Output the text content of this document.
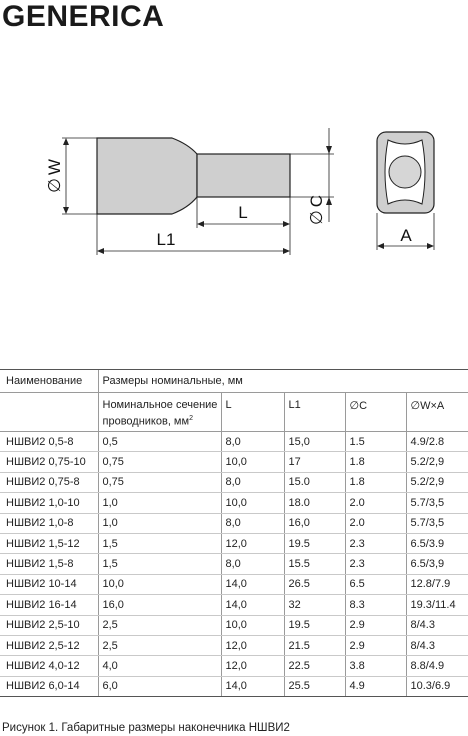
GENERICA
∅W
∅C
L
L1	A
Наименование	Размеры номинальные, мм				
	Номинальное сечение
проводников, $мм^2$	L	L1	∅C	∅W×A
НШВИ2 0,5-8	0,5	8,0	15,0	1.5	4.9/2.8
НШВИ2 0,75-10	0,75	10,0	17	1.8	5.2/2,9
НШВИ2 0,75-8	0,75	8,0	15.0	1.8	5.2/2,9
НШВИ2 1,0-10	1,0	10,0	18.0	2.0	5.7/3,5
НШВИ2 1,0-8	1,0	8,0	16,0	2.0	5.7/3,5
НШВИ2 1,5-12	1,5	12,0	19.5	2.3	6.5/3.9
НШВИ2 1,5-8	1,5	8,0	15.5	2.3	6.5/3,9
НШВИ2 10-14	10,0	14,0	26.5	6.5	12.8/7.9
НШВИ2 16-14	16,0	14,0	32	8.3	19.3/11.4
НШВИ2 2,5-10	2,5	10,0	19.5	2.9	8/4.3
НШВИ2 2,5-12	2,5	12,0	21.5	2.9	8/4.3
НШВИ2 4,0-12	4,0	12,0	22.5	3.8	8.8/4.9
НШВИ2 6,0-14	6,0	14,0	25.5	4.9	10.3/6.9
Рисунок 1. Габаритные размеры наконечника НШВИ2
